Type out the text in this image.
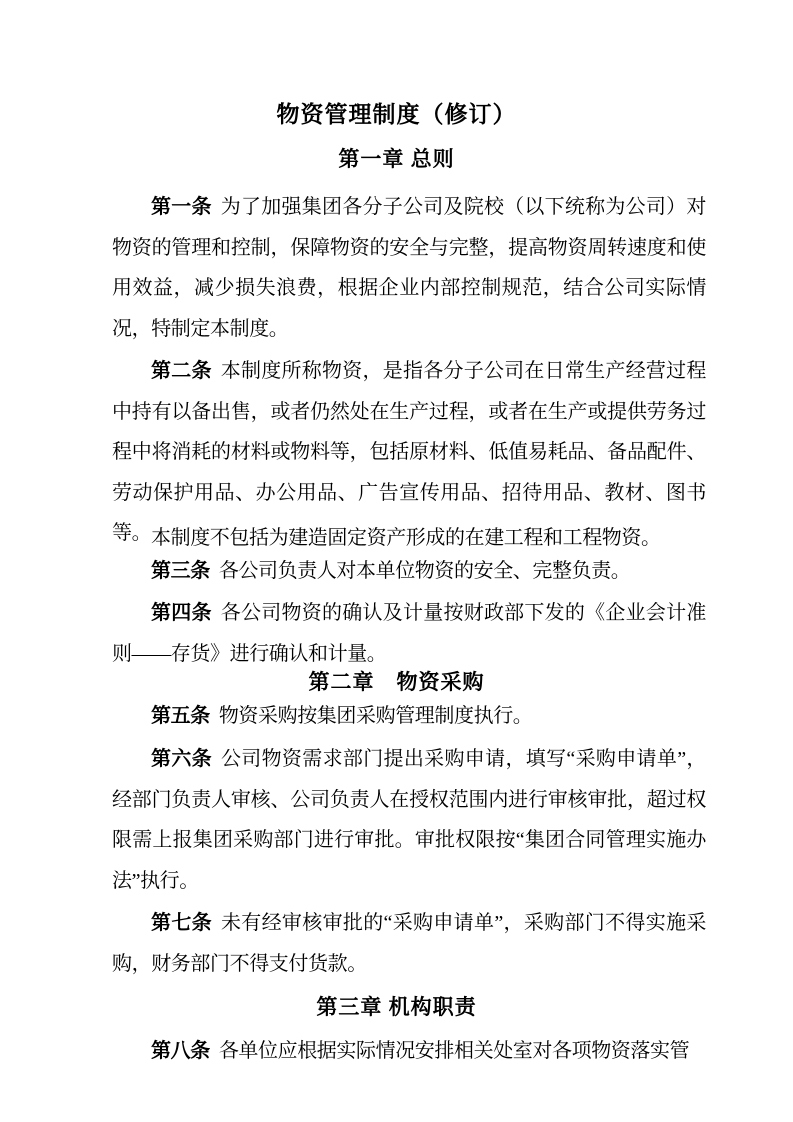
物资管理制度（修订）
第一章 总则

第一条 为了加强集团各分子公司及院校（以下统称为公司）对物资的管理和控制，保障物资的安全与完整，提高物资周转速度和使用效益，减少损失浪费，根据企业内部控制规范，结合公司实际情况，特制定本制度。

第二条 本制度所称物资，是指各分子公司在日常生产经营过程中持有以备出售，或者仍然处在生产过程，或者在生产或提供劳务过程中将消耗的材料或物料等，包括原材料、低值易耗品、备品配件、劳动保护用品、办公用品、广告宣传用品、招待用品、教材、图书等。 本制度不包括为建造固定资产形成的在建工程和工程物资。

第三条 各公司负责人对本单位物资的安全、完整负责。

第四条 各公司物资的确认及计量按财政部下发的《企业会计准则——存货》进行确认和计量。

第二章　物资采购

第五条 物资采购按集团采购管理制度执行。

第六条 公司物资需求部门提出采购申请，填写“采购申请单”，经部门负责人审核、公司负责人在授权范围内进行审核审批，超过权限需上报集团采购部门进行审批。审批权限按“集团合同管理实施办法”执行。

第七条 未有经审核审批的“采购申请单”，采购部门不得实施采购，财务部门不得支付货款。

第三章 机构职责

第八条 各单位应根据实际情况安排相关处室对各项物资落实管
